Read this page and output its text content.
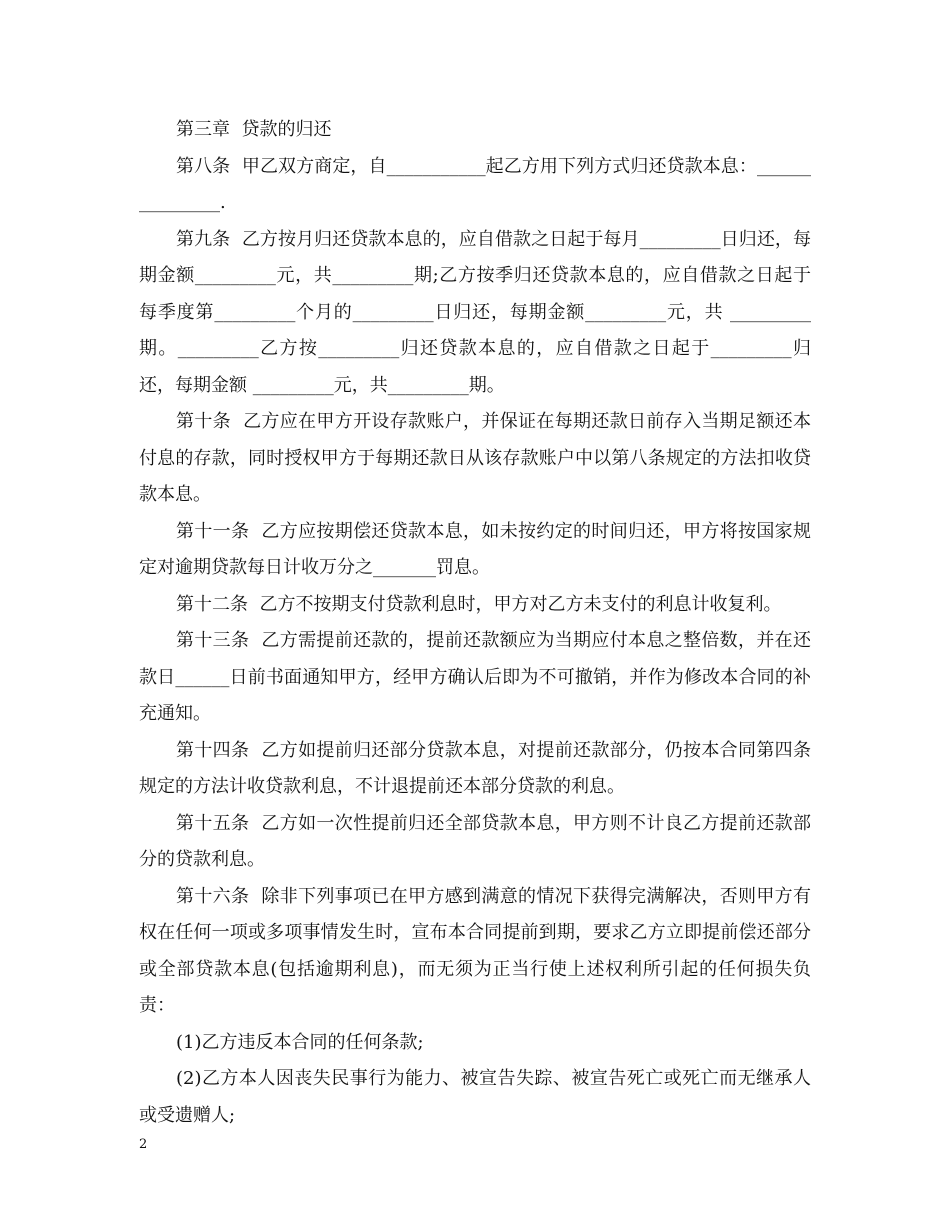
第三章  贷款的归还

第八条  甲乙双方商定，自___________起乙方用下列方式归还贷款本息：_______________.

第九条  乙方按月归还贷款本息的，应自借款之日起于每月_________日归还，每期金额_________元，共_________期;乙方按季归还贷款本息的，应自借款之日起于每季度第_________个月的_________日归还，每期金额_________元，共 _________期。_________乙方按_________归还贷款本息的，应自借款之日起于_________归还，每期金额 _________元，共_________期。

第十条  乙方应在甲方开设存款账户，并保证在每期还款日前存入当期足额还本付息的存款，同时授权甲方于每期还款日从该存款账户中以第八条规定的方法扣收贷款本息。

第十一条  乙方应按期偿还贷款本息，如未按约定的时间归还，甲方将按国家规定对逾期贷款每日计收万分之_______罚息。

第十二条  乙方不按期支付贷款利息时，甲方对乙方未支付的利息计收复利。

第十三条  乙方需提前还款的，提前还款额应为当期应付本息之整倍数，并在还款日______日前书面通知甲方，经甲方确认后即为不可撤销，并作为修改本合同的补充通知。

第十四条  乙方如提前归还部分贷款本息，对提前还款部分，仍按本合同第四条规定的方法计收贷款利息，不计退提前还本部分贷款的利息。

第十五条  乙方如一次性提前归还全部贷款本息，甲方则不计良乙方提前还款部分的贷款利息。

第十六条  除非下列事项已在甲方感到满意的情况下获得完满解决，否则甲方有权在任何一项或多项事情发生时，宣布本合同提前到期，要求乙方立即提前偿还部分或全部贷款本息(包括逾期利息)，而无须为正当行使上述权利所引起的任何损失负责：

(1)乙方违反本合同的任何条款;

(2)乙方本人因丧失民事行为能力、被宣告失踪、被宣告死亡或死亡而无继承人或受遗赠人;

2
